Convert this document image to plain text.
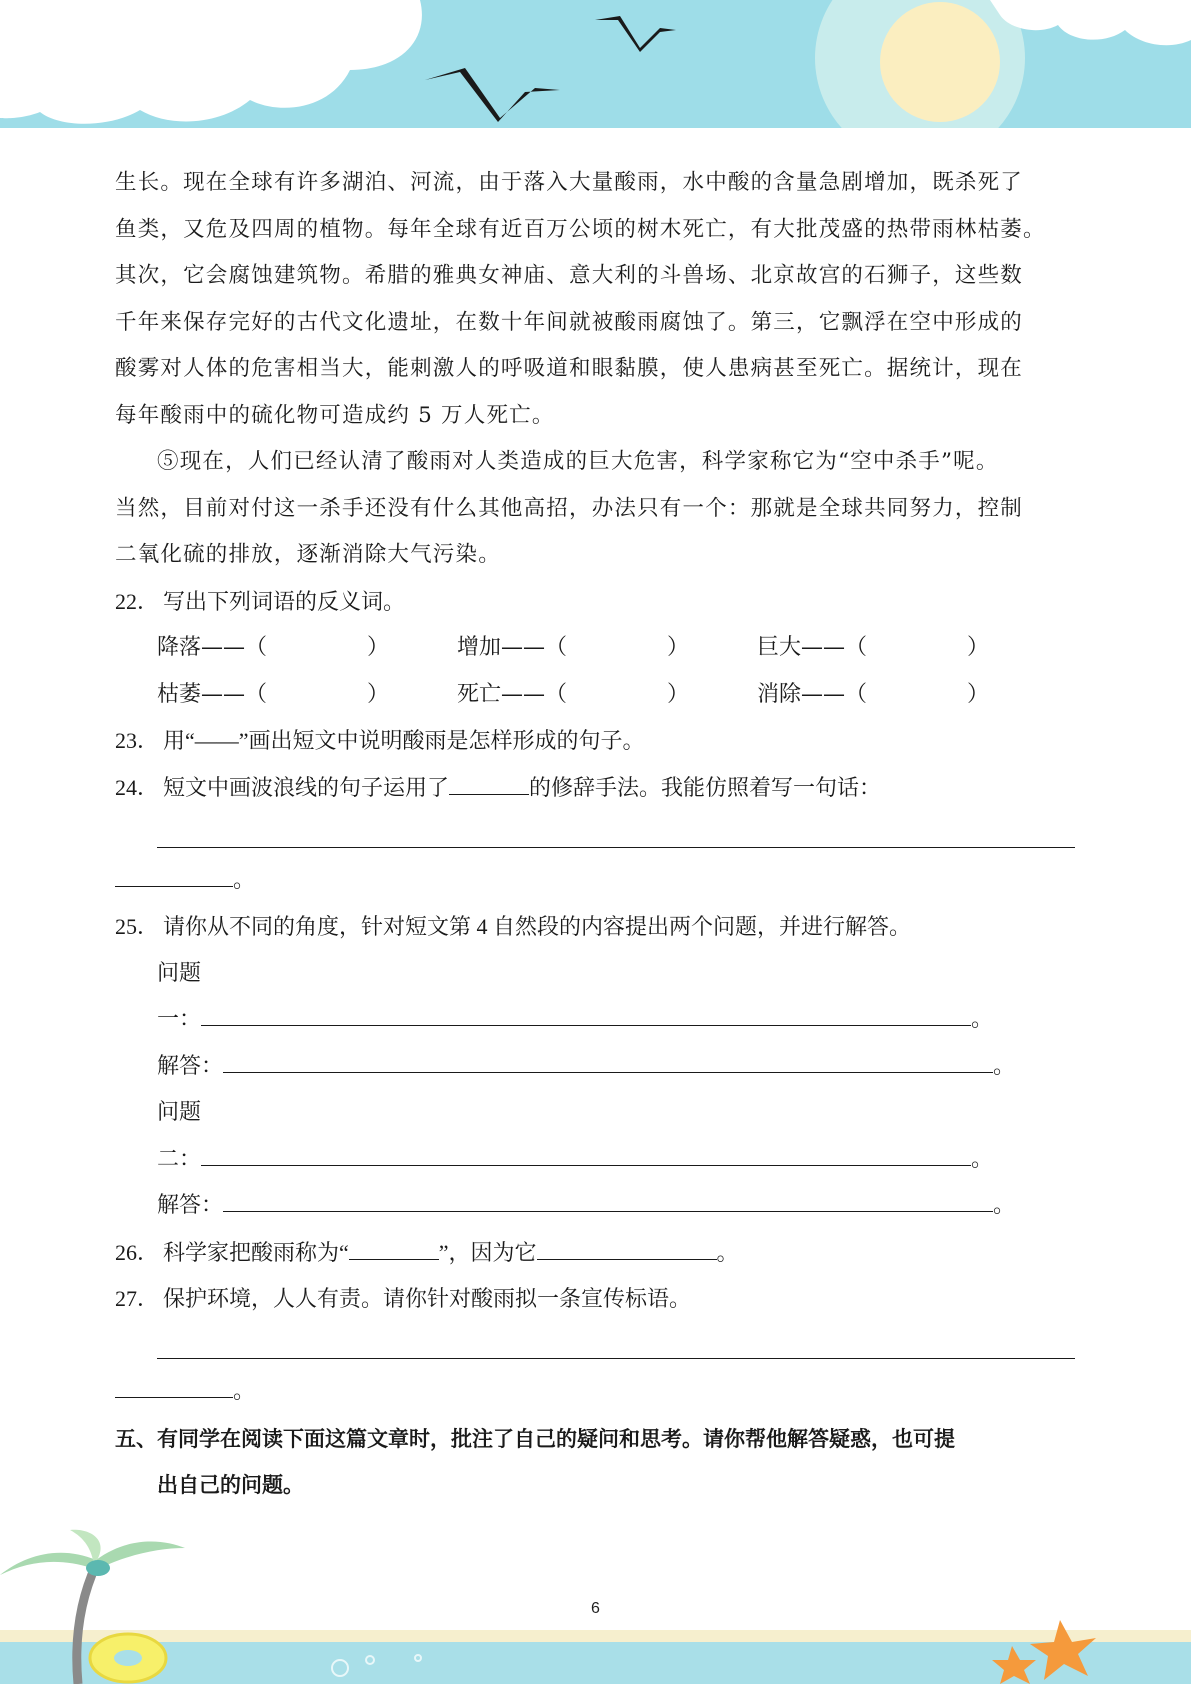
生长。现在全球有许多湖泊、河流，由于落入大量酸雨，水中酸的含量急剧增加，既杀死了
鱼类，又危及四周的植物。每年全球有近百万公顷的树木死亡，有大批茂盛的热带雨林枯萎。
其次，它会腐蚀建筑物。希腊的雅典女神庙、意大利的斗兽场、北京故宫的石狮子，这些数
千年来保存完好的古代文化遗址，在数十年间就被酸雨腐蚀了。第三，它飘浮在空中形成的
酸雾对人体的危害相当大，能刺激人的呼吸道和眼黏膜，使人患病甚至死亡。据统计，现在
每年酸雨中的硫化物可造成约 5 万人死亡。

⑤现在，人们已经认清了酸雨对人类造成的巨大危害，科学家称它为“空中杀手”呢。
当然，目前对付这一杀手还没有什么其他高招，办法只有一个：那就是全球共同努力，控制
二氧化硫的排放，逐渐消除大气污染。

22． 写出下列词语的反义词。

降落——（	）	增加——（	）	巨大——（	）
枯萎——（	）	死亡——（	）	消除——（	）

23． 用“——”画出短文中说明酸雨是怎样形成的句子。

24． 短文中画波浪线的句子运用了	的修辞手法。我能仿照着写一句话：

。

25． 请你从不同的角度，针对短文第 4 自然段的内容提出两个问题，并进行解答。

问题
一：	。
解答：	。
问题
二：	。
解答：	。

26． 科学家把酸雨称为“	”，因为它	。

27． 保护环境，人人有责。请你针对酸雨拟一条宣传标语。

。

五、有同学在阅读下面这篇文章时，批注了自己的疑问和思考。请你帮他解答疑惑，也可提
出自己的问题。

6
